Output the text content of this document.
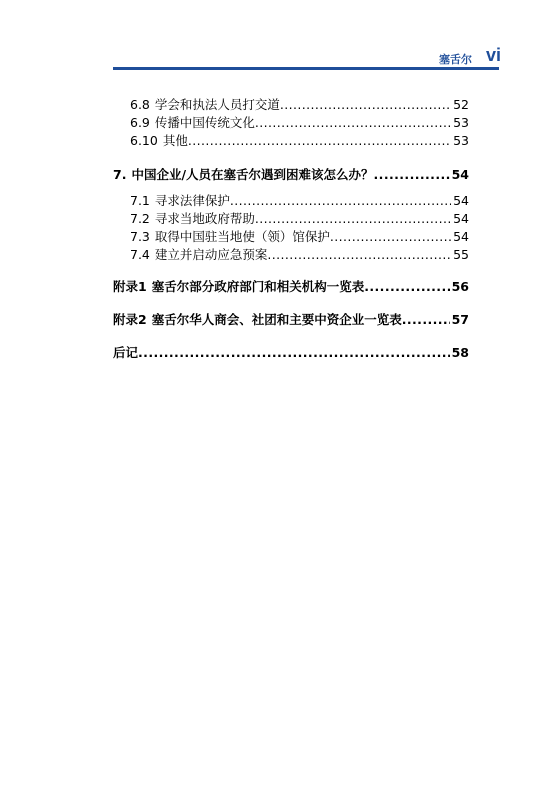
塞舌尔 vi
6.8 学会和执法人员打交道 .....	52
6.9 传播中国传统文化 .....	53
6.10 其他 .....	53
7. 中国企业/人员在塞舌尔遇到困难该怎么办？ .....	54
7.1 寻求法律保护 .....	54
7.2 寻求当地政府帮助 .....	54
7.3 取得中国驻当地使（领）馆保护 .....	54
7.4 建立并启动应急预案 .....	55
附录1 塞舌尔部分政府部门和相关机构一览表 .....	56
附录2 塞舌尔华人商会、社团和主要中资企业一览表 .....	57
后记 .....	58
